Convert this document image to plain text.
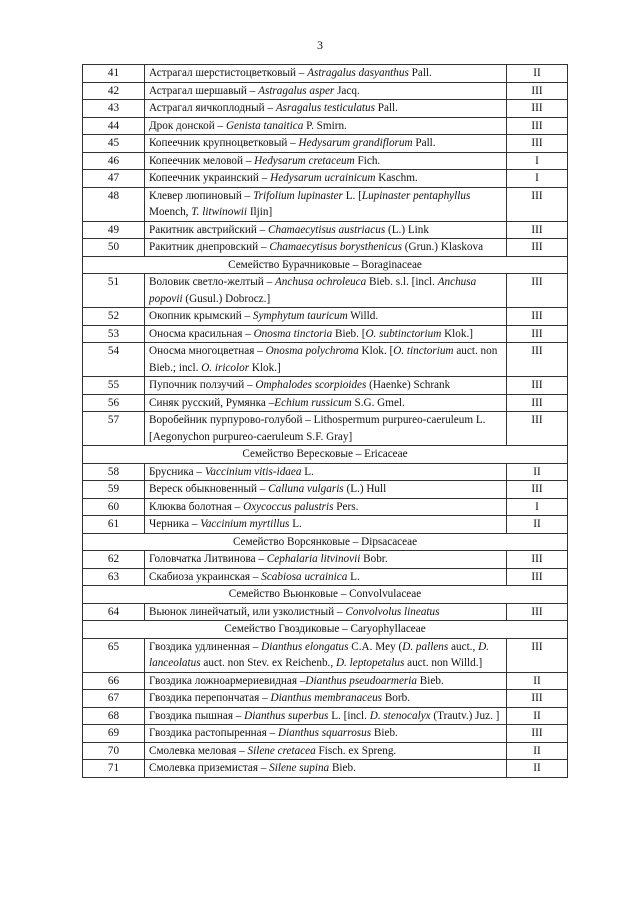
3
41	Астрагал шерстистоцветковый – Astragalus dasyanthus Pall.	II
42	Астрагал шершавый – Astragalus asper Jacq.	III
43	Астрагал яичкоплодный – Asragalus testiculatus Pall.	III
44	Дрок донской – Genista tanaitica P. Smirn.	III
45	Копеечник крупноцветковый – Hedysarum grandiflorum Pall.	III
46	Копеечник меловой – Hedysarum cretaceum Fich.	I
47	Копеечник украинский – Hedysarum ucrainicum Kaschm.	I
48	Клевер люпиновый – Trifolium lupinaster L. [Lupinaster pentaphyllus Moench, T. litwinowii Iljin]	III
49	Ракитник австрийский – Chamaecytisus austriacus (L.) Link	III
50	Ракитник днепровский – Chamaecytisus borysthenicus (Grun.) Klaskova	III
Семейство Бурачниковые – Boraginaceae		
51	Воловик светло-желтый – Anchusa ochroleuca Bieb. s.l. [incl. Anchusa popovii (Gusul.) Dobrocz.]	III
52	Окопник крымский – Symphytum tauricum Willd.	III
53	Оносма красильная – Onosma tinctoria Bieb. [O. subtinctorium Klok.]	III
54	Оносма многоцветная – Onosma polychroma Klok. [O. tinctorium auct. non Bieb.; incl. O. iricolor Klok.]	III
55	Пупочник ползучий – Omphalodes scorpioides (Haenke) Schrank	III
56	Синяк русский, Румянка –Echium russicum S.G. Gmel.	III
57	Воробейник пурпурово-голубой – Lithospermum purpureo-caeruleum L. [Aegonychon purpureo-caeruleum S.F. Gray]	III
Семейство Вересковые – Ericaceae		
58	Брусника – Vaccinium vitis-idaea L.	II
59	Вереск обыкновенный – Calluna vulgaris (L.) Hull	III
60	Клюква болотная – Oxycoccus palustris Pers.	I
61	Черника – Vaccinium myrtillus L.	II
Семейство Ворсянковые – Dipsacaceae		
62	Головчатка Литвинова – Cephalaria litvinovii Bobr.	III
63	Скабиоза украинская – Scabiosa ucrainica L.	III
Семейство Вьюнковые – Convolvulaceae		
64	Вьюнок линейчатый, или узколистный – Convolvolus lineatus	III
Семейство Гвоздиковые – Caryophyllaceae		
65	Гвоздика удлиненная – Dianthus elongatus C.A. Mey (D. pallens auct., D. lanceolatus auct. non Stev. ex Reichenb., D. leptopetalus auct. non Willd.]	III
66	Гвоздика ложноармериевидная –Dianthus pseudoarmeria Bieb.	II
67	Гвоздика перепончатая – Dianthus membranaceus Borb.	III
68	Гвоздика пышная – Dianthus superbus L. [incl. D. stenocalyx (Trautv.) Juz. ]	II
69	Гвоздика растопыренная – Dianthus squarrosus Bieb.	III
70	Смолевка меловая – Silene cretacea Fisch. ex Spreng.	II
71	Смолевка приземистая – Silene supina Bieb.	II
